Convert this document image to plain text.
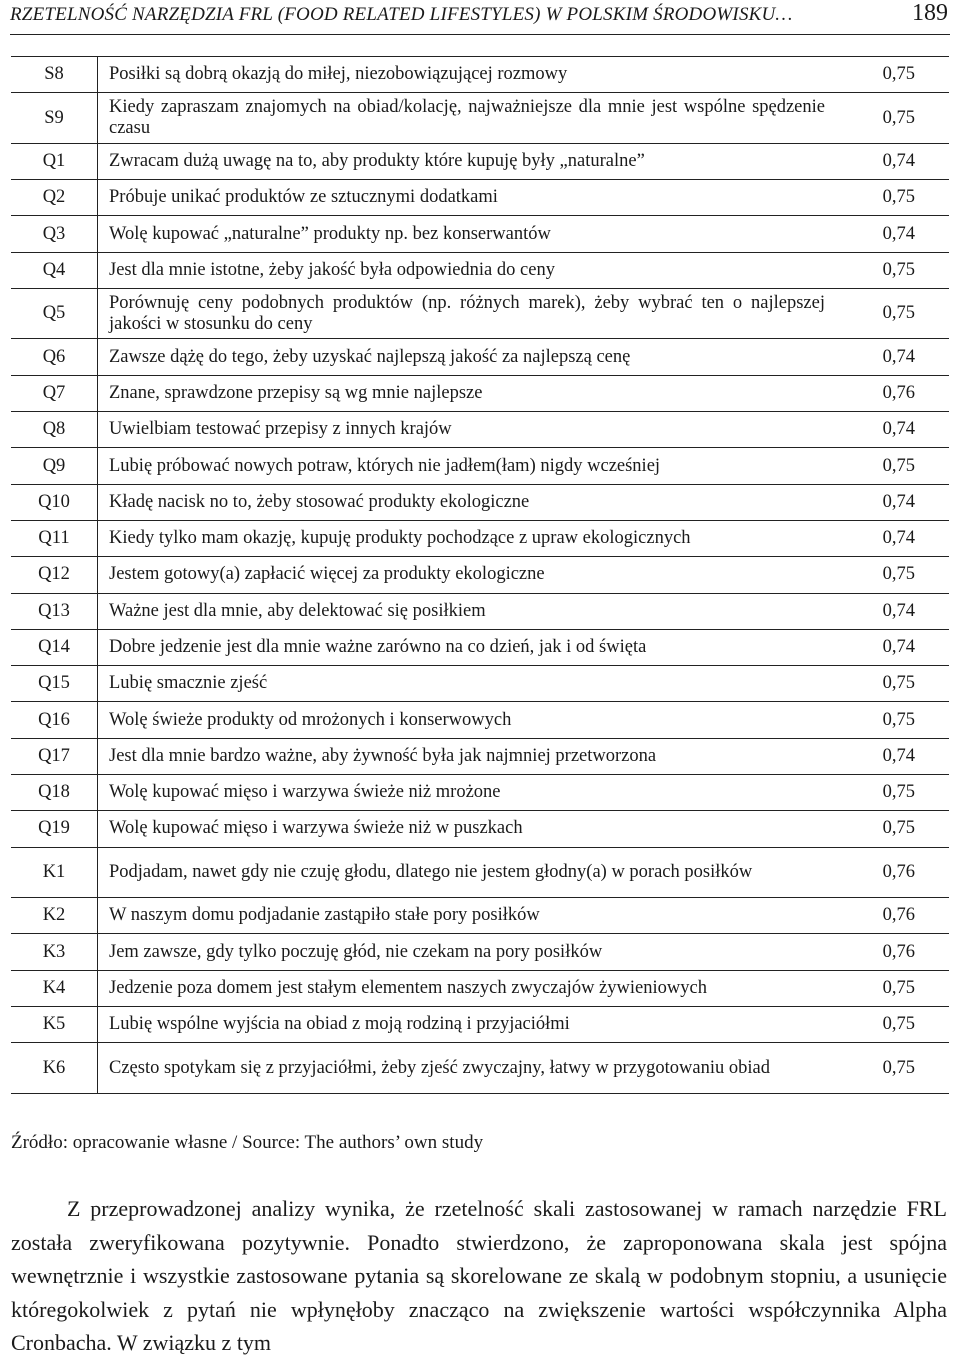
RZETELNOŚĆ NARZĘDZIA FRL (FOOD RELATED LIFESTYLES) W POLSKIM ŚRODOWISKU…	189
S8	Posiłki są dobrą okazją do miłej, niezobowiązującej rozmowy	0,75
S9	Kiedy zapraszam znajomych na obiad/kolację, najważniejsze dla mnie jest wspólne spędzenie czasu	0,75
Q1	Zwracam dużą uwagę na to, aby produkty które kupuję były „naturalne”	0,74
Q2	Próbuje unikać produktów ze sztucznymi dodatkami	0,75
Q3	Wolę kupować „naturalne” produkty np. bez konserwantów	0,74
Q4	Jest dla mnie istotne, żeby jakość była odpowiednia do ceny	0,75
Q5	Porównuję ceny podobnych produktów (np. różnych marek), żeby wybrać ten o najlepszej jakości w stosunku do ceny	0,75
Q6	Zawsze dążę do tego, żeby uzyskać najlepszą jakość za najlepszą cenę	0,74
Q7	Znane, sprawdzone przepisy są wg mnie najlepsze	0,76
Q8	Uwielbiam testować przepisy z innych krajów	0,74
Q9	Lubię próbować nowych potraw, których nie jadłem(łam) nigdy wcześniej	0,75
Q10	Kładę nacisk no to, żeby stosować produkty ekologiczne	0,74
Q11	Kiedy tylko mam okazję, kupuję produkty pochodzące z upraw ekologicznych	0,74
Q12	Jestem gotowy(a) zapłacić więcej za produkty ekologiczne	0,75
Q13	Ważne jest dla mnie, aby delektować się posiłkiem	0,74
Q14	Dobre jedzenie jest dla mnie ważne zarówno na co dzień, jak i od święta	0,74
Q15	Lubię smacznie zjeść	0,75
Q16	Wolę świeże produkty od mrożonych i konserwowych	0,75
Q17	Jest dla mnie bardzo ważne, aby żywność była jak najmniej przetworzona	0,74
Q18	Wolę kupować mięso i warzywa świeże niż mrożone	0,75
Q19	Wolę kupować mięso i warzywa świeże niż w puszkach	0,75
K1	Podjadam, nawet gdy nie czuję głodu, dlatego nie jestem głodny(a) w porach posiłków	0,76
K2	W naszym domu podjadanie zastąpiło stałe pory posiłków	0,76
K3	Jem zawsze, gdy tylko poczuję głód, nie czekam na pory posiłków	0,76
K4	Jedzenie poza domem jest stałym elementem naszych zwyczajów żywieniowych	0,75
K5	Lubię wspólne wyjścia na obiad z moją rodziną i przyjaciółmi	0,75
K6	Często spotykam się z przyjaciółmi, żeby zjeść zwyczajny, łatwy w przygotowaniu obiad	0,75
Źródło: opracowanie własne / Source: The authors’ own study
Z przeprowadzonej analizy wynika, że rzetelność skali zastosowanej w ramach narzędzie FRL została zweryfikowana pozytywnie. Ponadto stwierdzono, że zaproponowana skala jest spójna wewnętrznie i wszystkie zastosowane pytania są skorelowane ze skalą w podobnym stopniu, a usunięcie któregokolwiek z pytań nie wpłynęłoby znacząco na zwiększenie wartości współczynnika Alpha Cronbacha. W związku z tym
